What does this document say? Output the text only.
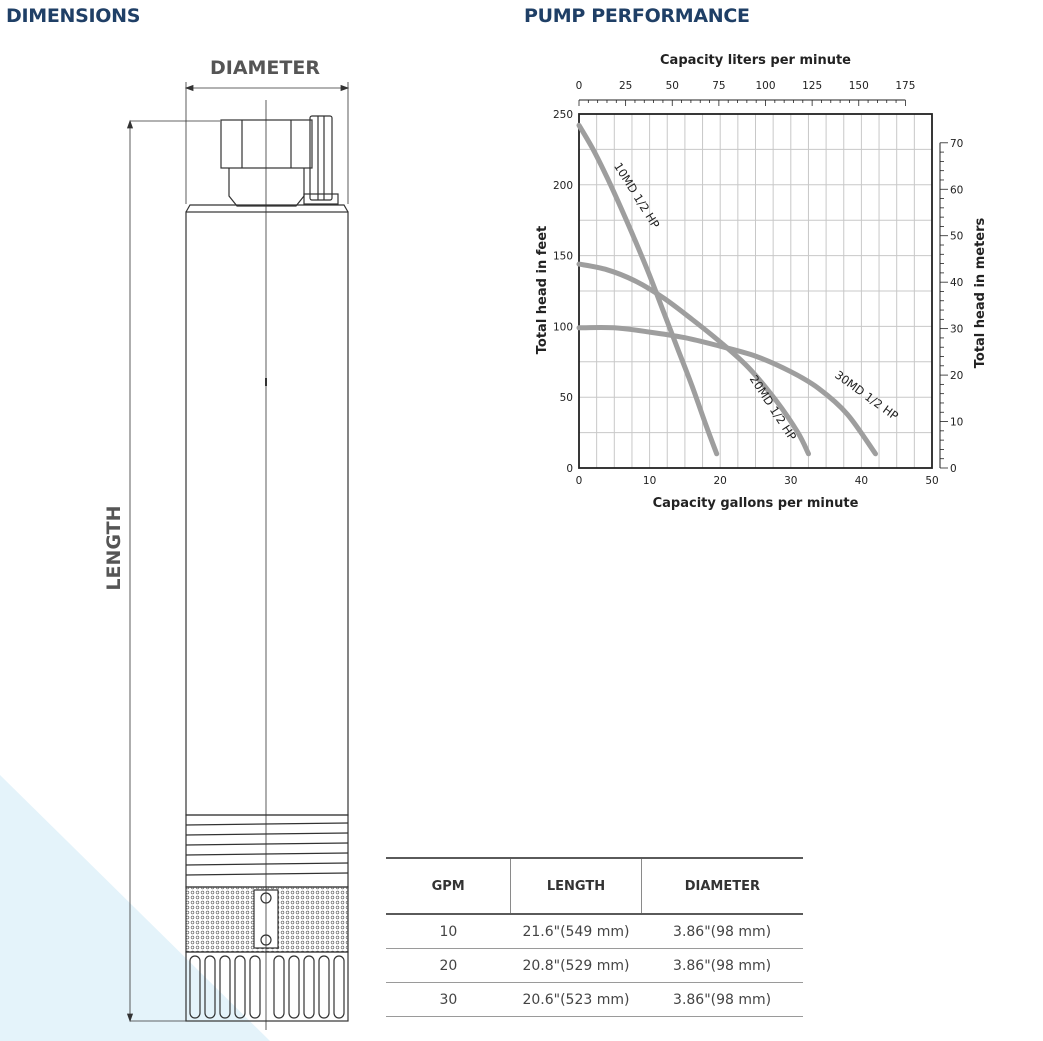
DIMENSIONS	PUMP PERFORMANCE
DIAMETER
LENGTH
0	10	20	30	40	50
0
50
100
150
200
250
0	25	50	75	100	125	150	175
0
10
20
30
40
50
60
70
Capacity gallons per minute
Capacity liters per minute
Total head in feet	Total head in meters
10MD 1/2 HP
20MD 1/2 HP	30MD 1/2 HP
GPM	LENGTH	DIAMETER
10	21.6"(549 mm)	3.86"(98 mm)
20	20.8"(529 mm)	3.86"(98 mm)
30	20.6"(523 mm)	3.86"(98 mm)
